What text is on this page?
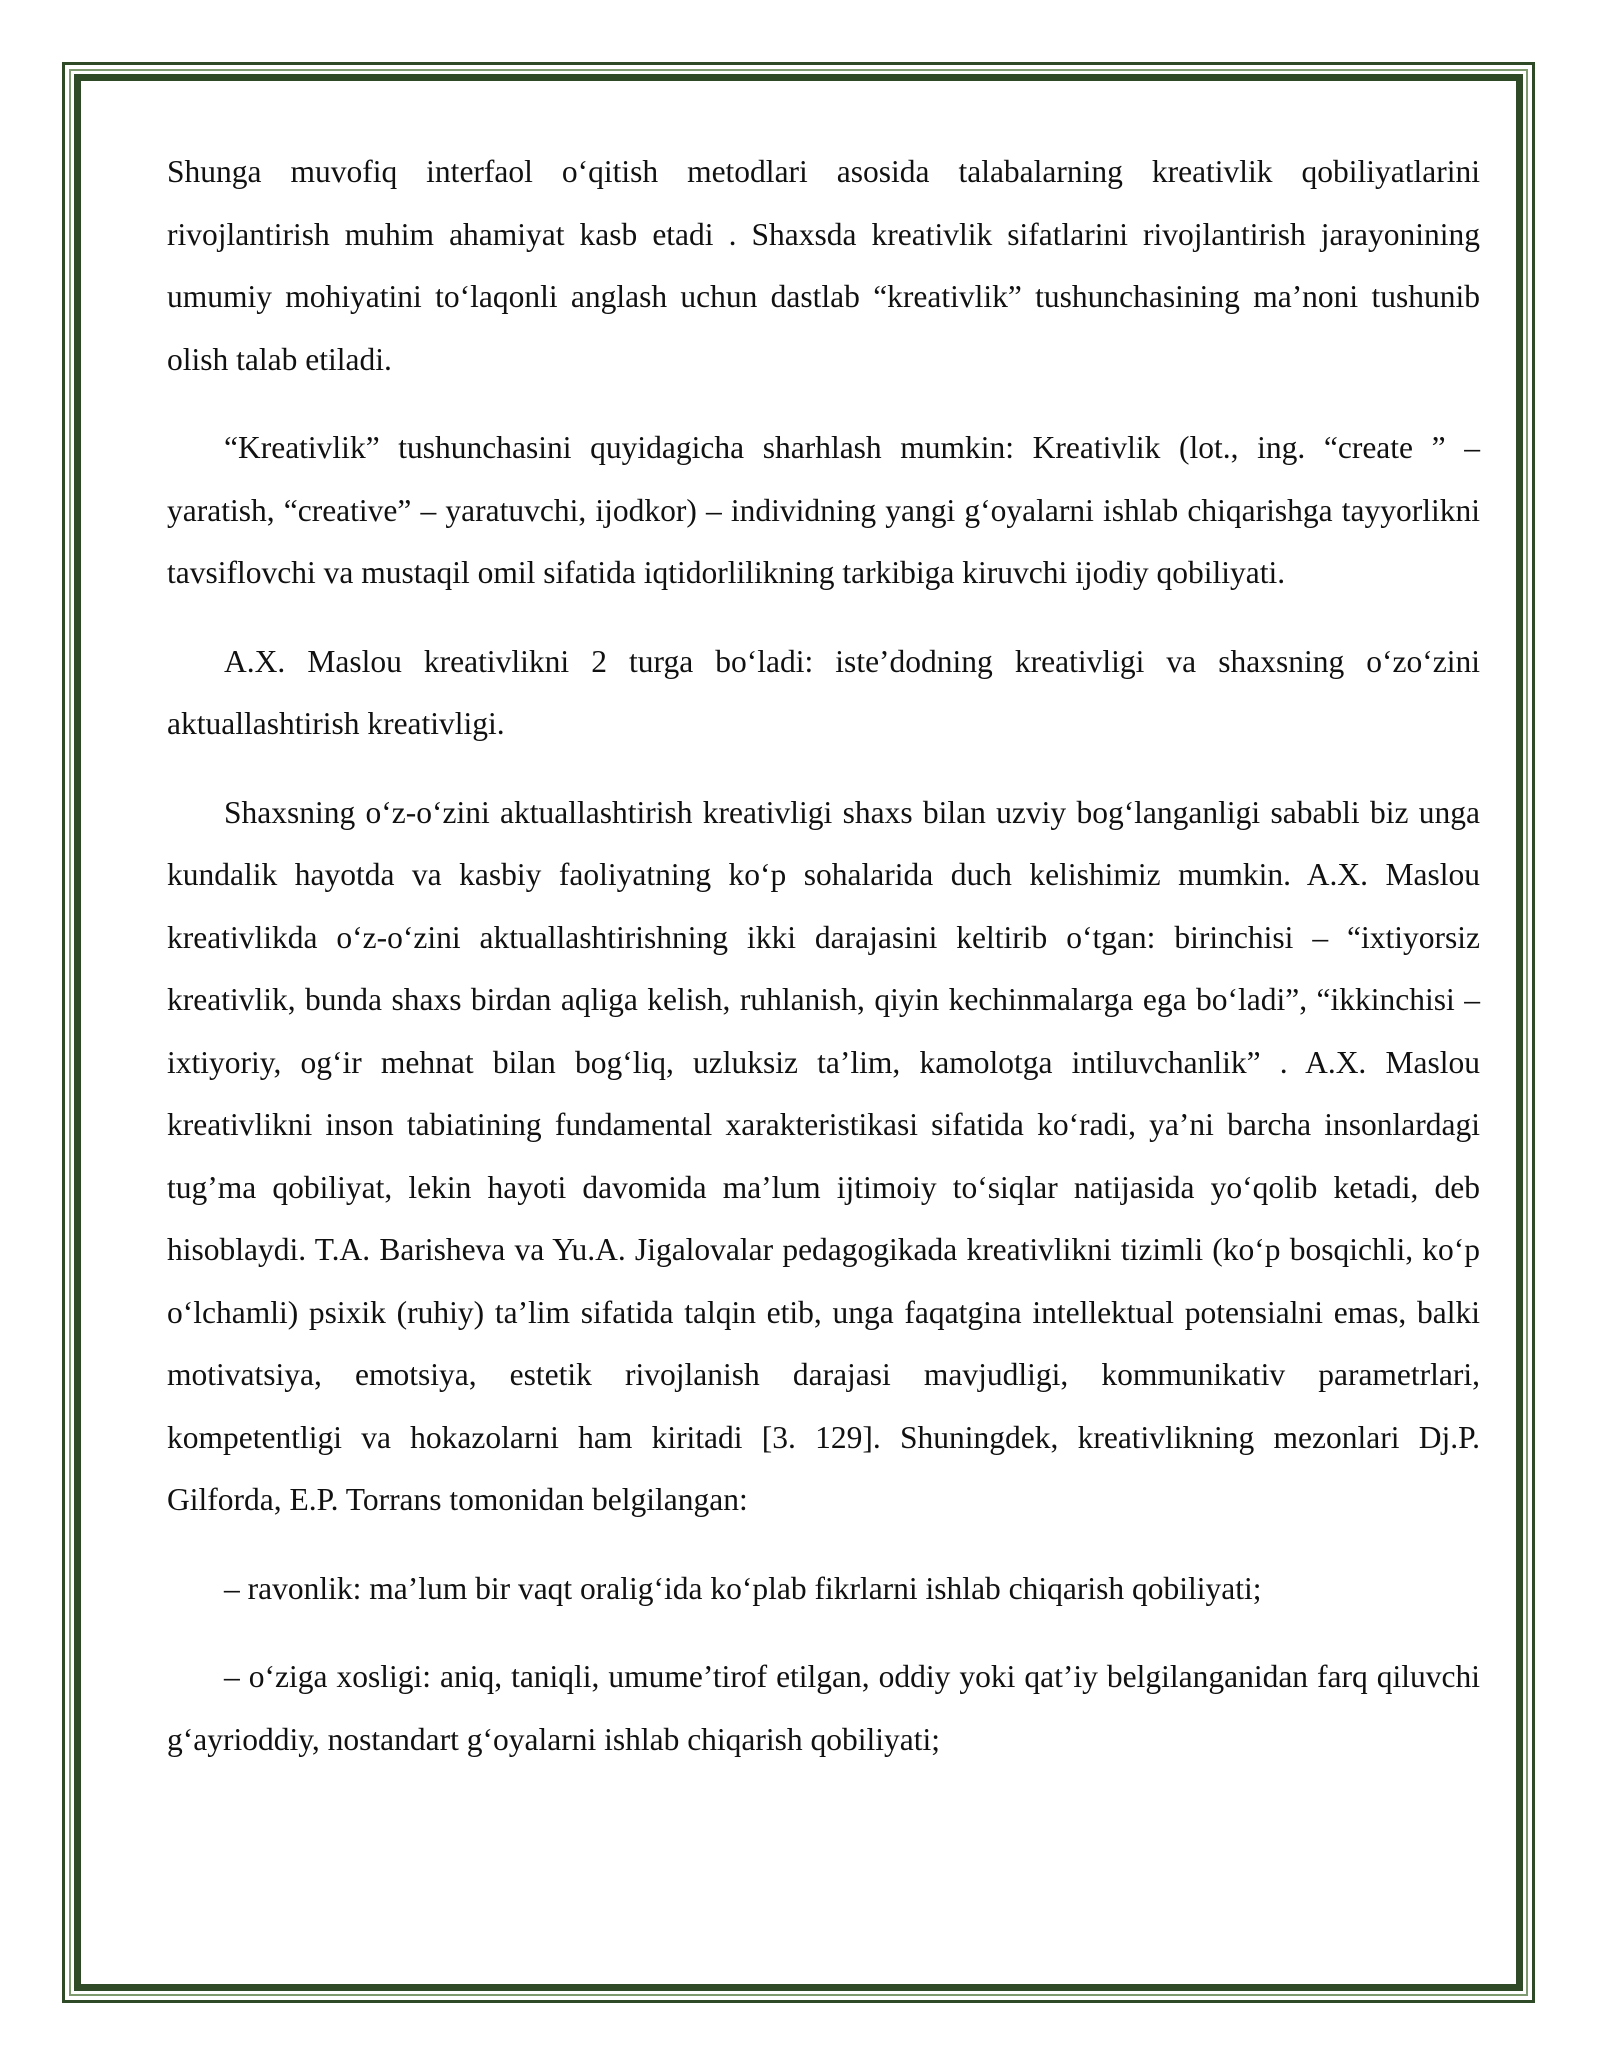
Shunga muvofiq interfaol o‘qitish metodlari asosida talabalarning kreativlik qobiliyatlarini rivojlantirish muhim ahamiyat kasb etadi . Shaxsda kreativlik sifatlarini rivojlantirish jarayonining umumiy mohiyatini to‘laqonli anglash uchun dastlab “kreativlik” tushunchasining ma’noni tushunib olish talab etiladi.

“Kreativlik” tushunchasini quyidagicha sharhlash mumkin: Kreativlik (lot., ing. “create ” – yaratish, “creative” – yaratuvchi, ijodkor) – individning yangi g‘oyalarni ishlab chiqarishga tayyorlikni tavsiflovchi va mustaqil omil sifatida iqtidorlilikning tarkibiga kiruvchi ijodiy qobiliyati.

A.X. Maslou kreativlikni 2 turga bo‘ladi: iste’dodning kreativligi va shaxsning o‘zo‘zini aktuallashtirish kreativligi.

Shaxsning o‘z-o‘zini aktuallashtirish kreativligi shaxs bilan uzviy bog‘langanligi sababli biz unga kundalik hayotda va kasbiy faoliyatning ko‘p sohalarida duch kelishimiz mumkin. A.X. Maslou kreativlikda o‘z-o‘zini aktuallashtirishning ikki darajasini keltirib o‘tgan: birinchisi – “ixtiyorsiz kreativlik, bunda shaxs birdan aqliga kelish, ruhlanish, qiyin kechinmalarga ega bo‘ladi”, “ikkinchisi – ixtiyoriy, og‘ir mehnat bilan bog‘liq, uzluksiz ta’lim, kamolotga intiluvchanlik” . A.X. Maslou kreativlikni inson tabiatining fundamental xarakteristikasi sifatida ko‘radi, ya’ni barcha insonlardagi tug’ma qobiliyat, lekin hayoti davomida ma’lum ijtimoiy to‘siqlar natijasida yo‘qolib ketadi, deb hisoblaydi. T.A. Barisheva va Yu.A. Jigalovalar pedagogikada kreativlikni tizimli (ko‘p bosqichli, ko‘p o‘lchamli) psixik (ruhiy) ta’lim sifatida talqin etib, unga faqatgina intellektual potensialni emas, balki motivatsiya, emotsiya, estetik rivojlanish darajasi mavjudligi, kommunikativ parametrlari, kompetentligi va hokazolarni ham kiritadi [3. 129]. Shuningdek, kreativlikning mezonlari Dj.P. Gilforda, E.P. Torrans tomonidan belgilangan:

– ravonlik: ma’lum bir vaqt oralig‘ida ko‘plab fikrlarni ishlab chiqarish qobiliyati;

– o‘ziga xosligi: aniq, taniqli, umume’tirof etilgan, oddiy yoki qat’iy belgilanganidan farq qiluvchi g‘ayrioddiy, nostandart g‘oyalarni ishlab chiqarish qobiliyati;
